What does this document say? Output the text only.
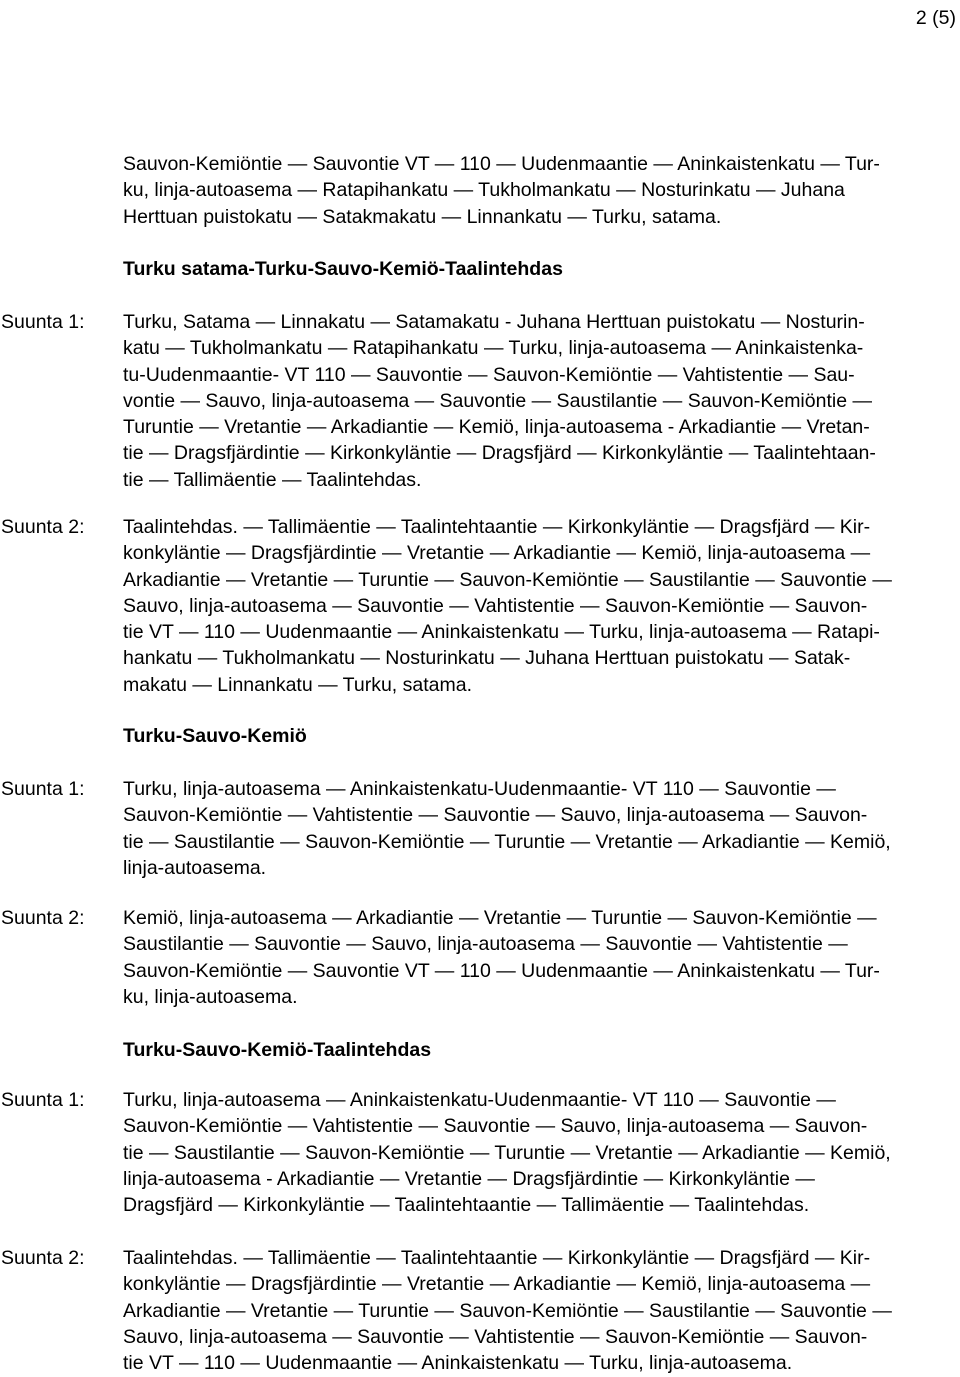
2 (5)
Sauvon-Kemiöntie — Sauvontie VT — 110 — Uudenmaantie — Aninkaistenkatu — Tur-
ku, linja-autoasema — Ratapihankatu — Tukholmankatu — Nosturinkatu — Juhana
Herttuan puistokatu — Satakmakatu — Linnankatu — Turku, satama.
Turku satama-Turku-Sauvo-Kemiö-Taalintehdas
Suunta 1: Turku, Satama — Linnakatu — Satamakatu - Juhana Herttuan puistokatu — Nosturin-
katu — Tukholmankatu — Ratapihankatu — Turku, linja-autoasema — Aninkaistenka-
tu-Uudenmaantie- VT 110 — Sauvontie — Sauvon-Kemiöntie — Vahtistentie — Sau-
vontie — Sauvo, linja-autoasema — Sauvontie — Saustilantie — Sauvon-Kemiöntie —
Turuntie — Vretantie — Arkadiantie — Kemiö, linja-autoasema - Arkadiantie — Vretan-
tie — Dragsfjärdintie — Kirkonkyläntie — Dragsfjärd — Kirkonkyläntie — Taalintehtaan-
tie — Tallimäentie — Taalintehdas.
Suunta 2: Taalintehdas. — Tallimäentie — Taalintehtaantie — Kirkonkyläntie — Dragsfjärd — Kir-
konkyläntie — Dragsfjärdintie — Vretantie — Arkadiantie — Kemiö, linja-autoasema —
Arkadiantie — Vretantie — Turuntie — Sauvon-Kemiöntie — Saustilantie — Sauvontie —
Sauvo, linja-autoasema — Sauvontie — Vahtistentie — Sauvon-Kemiöntie — Sauvon-
tie VT — 110 — Uudenmaantie — Aninkaistenkatu — Turku, linja-autoasema — Ratapi-
hankatu — Tukholmankatu — Nosturinkatu — Juhana Herttuan puistokatu — Satak-
makatu — Linnankatu — Turku, satama.
Turku-Sauvo-Kemiö
Suunta 1: Turku, linja-autoasema — Aninkaistenkatu-Uudenmaantie- VT 110 — Sauvontie —
Sauvon-Kemiöntie — Vahtistentie — Sauvontie — Sauvo, linja-autoasema — Sauvon-
tie — Saustilantie — Sauvon-Kemiöntie — Turuntie — Vretantie — Arkadiantie — Kemiö,
linja-autoasema.
Suunta 2: Kemiö, linja-autoasema — Arkadiantie — Vretantie — Turuntie — Sauvon-Kemiöntie —
Saustilantie — Sauvontie — Sauvo, linja-autoasema — Sauvontie — Vahtistentie —
Sauvon-Kemiöntie — Sauvontie VT — 110 — Uudenmaantie — Aninkaistenkatu — Tur-
ku, linja-autoasema.
Turku-Sauvo-Kemiö-Taalintehdas
Suunta 1: Turku, linja-autoasema — Aninkaistenkatu-Uudenmaantie- VT 110 — Sauvontie —
Sauvon-Kemiöntie — Vahtistentie — Sauvontie — Sauvo, linja-autoasema — Sauvon-
tie — Saustilantie — Sauvon-Kemiöntie — Turuntie — Vretantie — Arkadiantie — Kemiö,
linja-autoasema - Arkadiantie — Vretantie — Dragsfjärdintie — Kirkonkyläntie —
Dragsfjärd — Kirkonkyläntie — Taalintehtaantie — Tallimäentie — Taalintehdas.
Suunta 2: Taalintehdas. — Tallimäentie — Taalintehtaantie — Kirkonkyläntie — Dragsfjärd — Kir-
konkyläntie — Dragsfjärdintie — Vretantie — Arkadiantie — Kemiö, linja-autoasema —
Arkadiantie — Vretantie — Turuntie — Sauvon-Kemiöntie — Saustilantie — Sauvontie —
Sauvo, linja-autoasema — Sauvontie — Vahtistentie — Sauvon-Kemiöntie — Sauvon-
tie VT — 110 — Uudenmaantie — Aninkaistenkatu — Turku, linja-autoasema.
